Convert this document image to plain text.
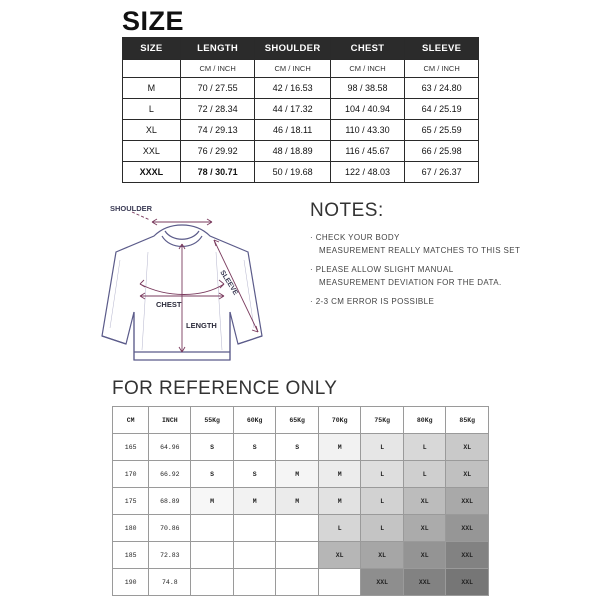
SIZE
SIZE	LENGTH	SHOULDER	CHEST	SLEEVE
	CM / INCH	CM / INCH	CM / INCH	CM / INCH
M	70 / 27.55	42 / 16.53	98 / 38.58	63 / 24.80
L	72 / 28.34	44 / 17.32	104 / 40.94	64 / 25.19
XL	74 / 29.13	46 / 18.11	110 / 43.30	65 / 25.59
XXL	76 / 29.92	48 / 18.89	116 / 45.67	66 / 25.98
XXXL	78 / 30.71	50 / 19.68	122 / 48.03	67 / 26.37
SHOULDER
SLEEVE
CHEST
LENGTH
NOTES:
· CHECK YOUR BODY
MEASUREMENT REALLY MATCHES TO THIS SET
· PLEASE ALLOW SLIGHT MANUAL
MEASUREMENT DEVIATION FOR THE DATA.
· 2-3 CM ERROR IS POSSIBLE
FOR REFERENCE ONLY
CM	INCH	55Kg	60Kg	65Kg	70Kg	75Kg	80Kg	85Kg
165	64.96	S	S	S	M	L	L	XL
170	66.92	S	S	M	M	L	L	XL
175	68.89	M	M	M	M	L	XL	XXL
180	70.86				L	L	XL	XXL
185	72.83				XL	XL	XL	XXL
190	74.8					XXL	XXL	XXL
